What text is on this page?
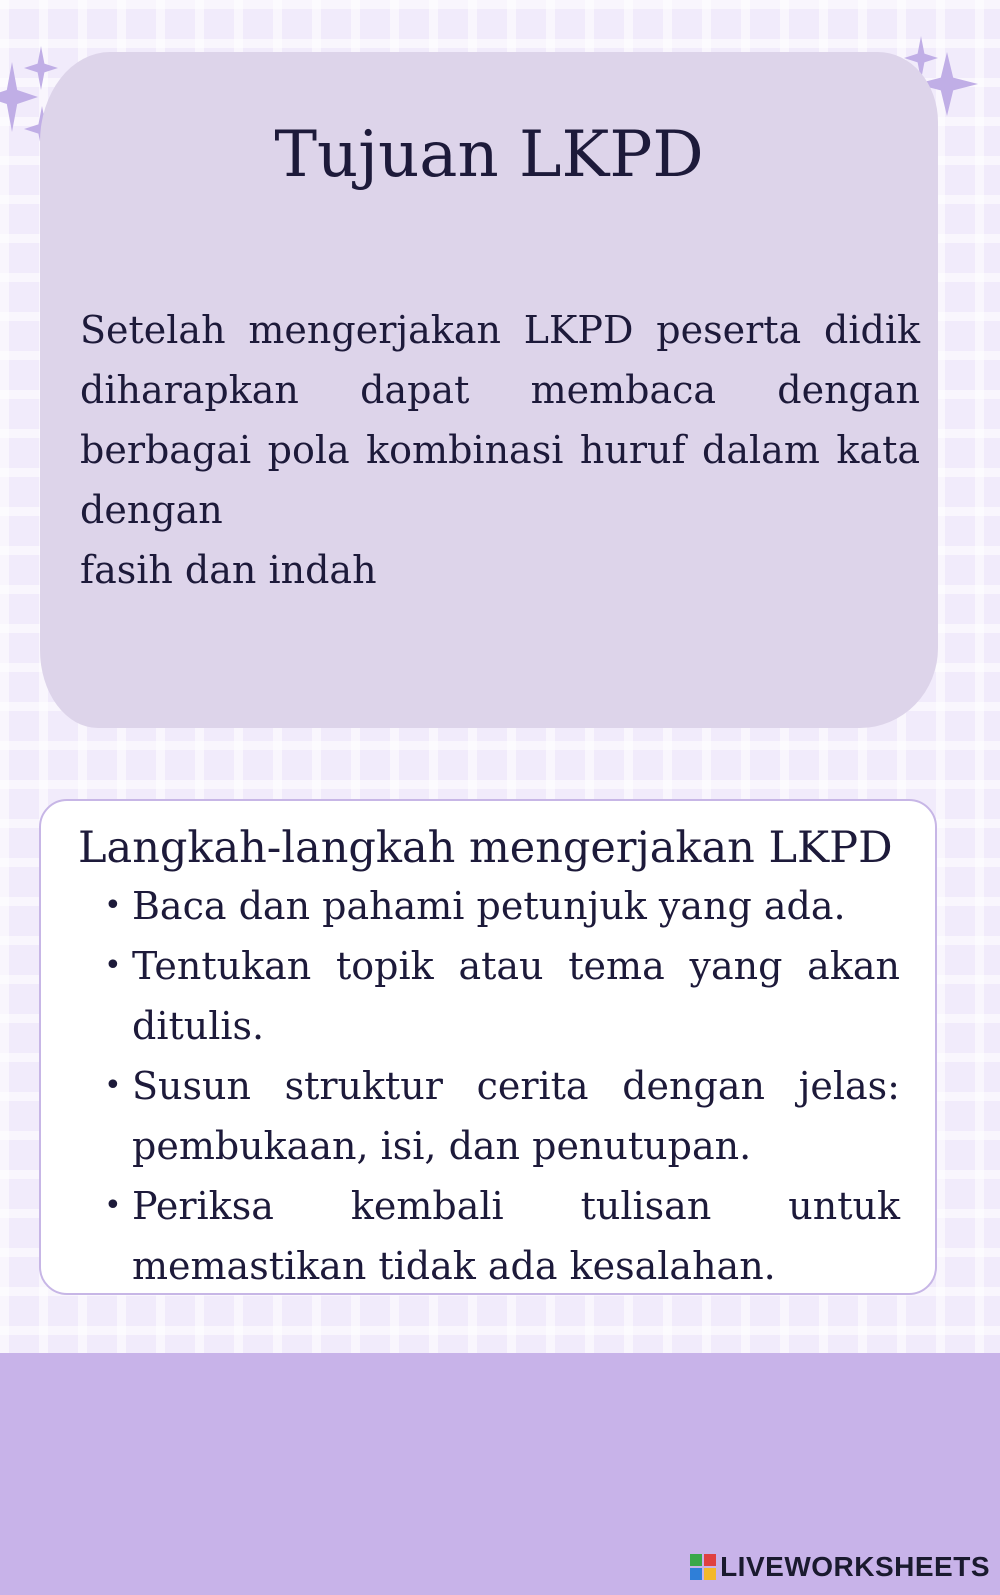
Tujuan LKPD

Setelah mengerjakan LKPD peserta didik diharapkan dapat membaca dengan berbagai pola kombinasi huruf dalam kata dengan
fasih dan indah

Langkah-langkah mengerjakan LKPD
• Baca dan pahami petunjuk yang ada.
• Tentukan topik atau tema yang akan ditulis.
• Susun struktur cerita dengan jelas: pembukaan, isi, dan penutupan.
• Periksa kembali tulisan untuk memastikan tidak ada kesalahan.
LIVEWORKSHEETS
